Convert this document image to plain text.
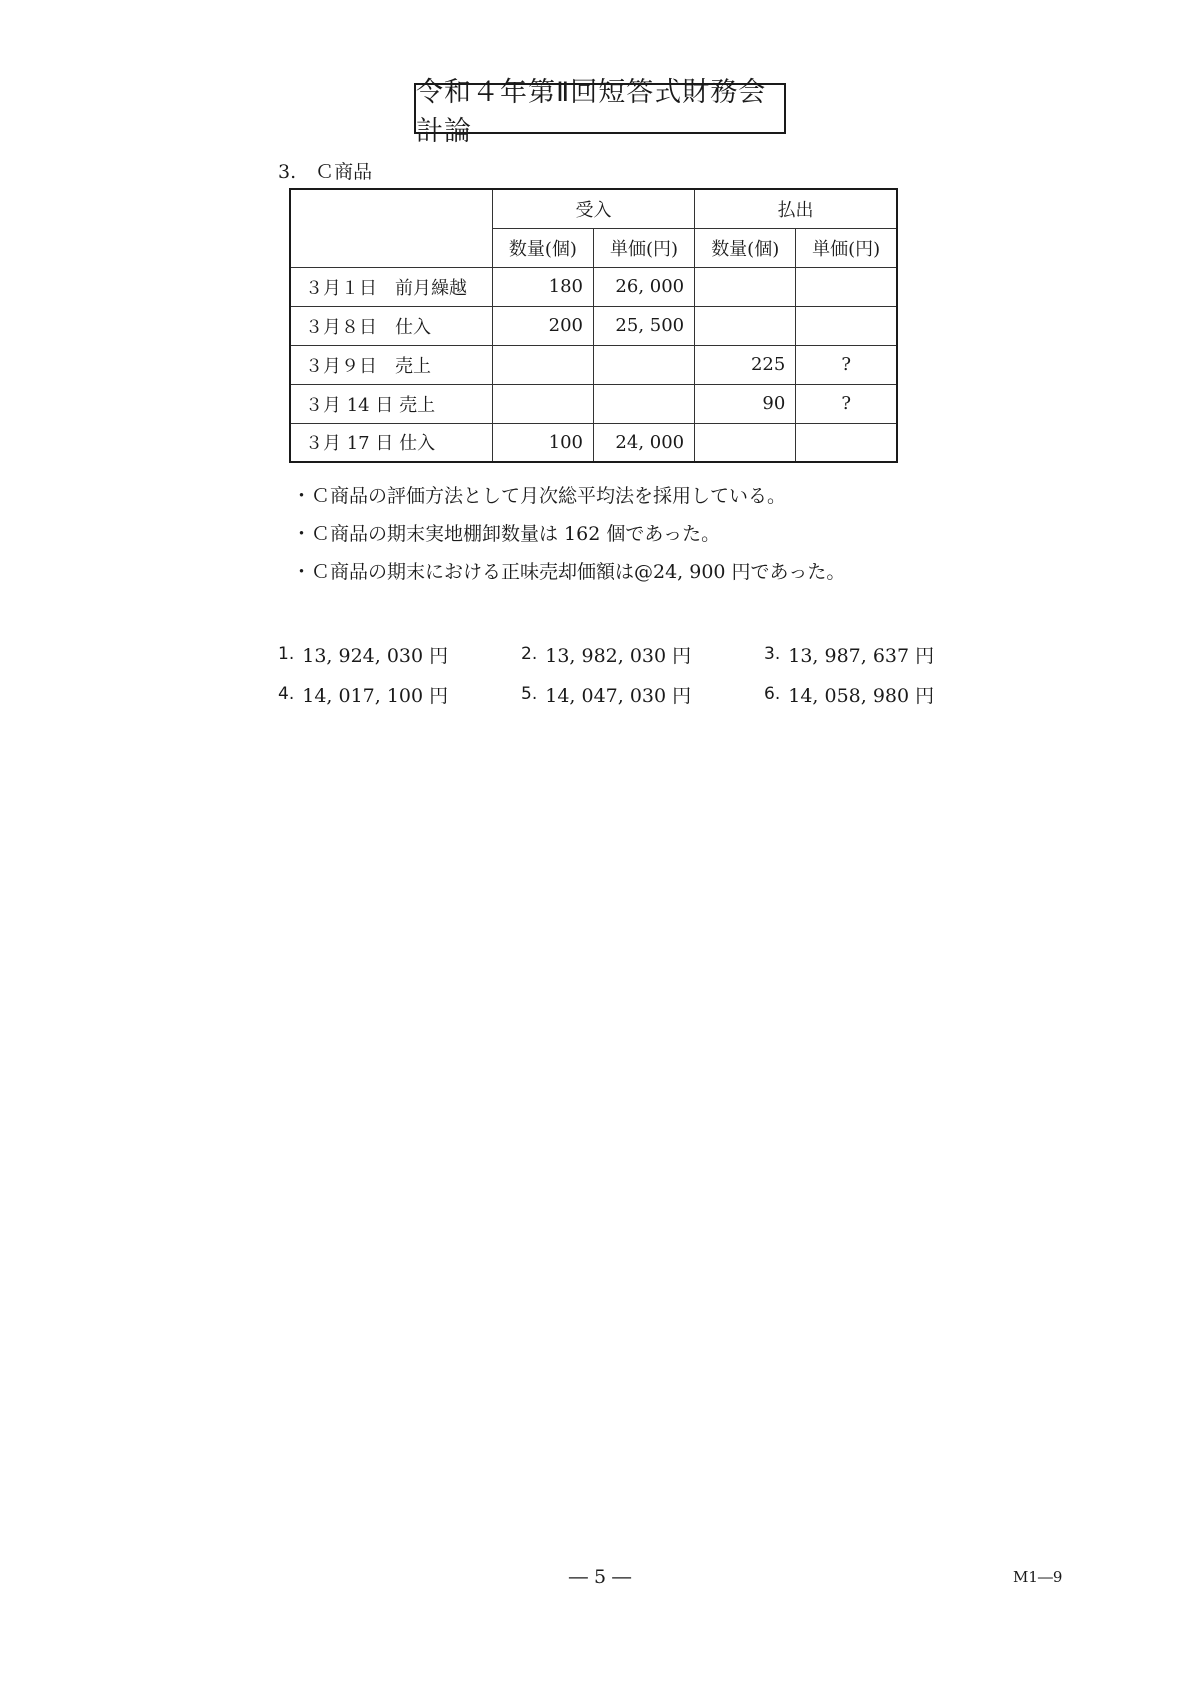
令和４年第Ⅱ回短答式財務会計論
3.　Ｃ商品
	受入		払出	
	数量(個)	単価(円)	数量(個)	単価(円)
３月１日　前月繰越	180	26, 000		
３月８日　仕入	200	25, 500		
３月９日　売上			225	?
３月 14 日 売上			90	?
３月 17 日 仕入	100	24, 000		
・Ｃ商品の評価方法として月次総平均法を採用している。
・Ｃ商品の期末実地棚卸数量は 162 個であった。
・Ｃ商品の期末における正味売却価額は@24, 900 円であった。
1. 13, 924, 030 円	2. 13, 982, 030 円	3. 13, 987, 637 円
4. 14, 017, 100 円	5. 14, 047, 030 円	6. 14, 058, 980 円
― 5 ―	M1―9
